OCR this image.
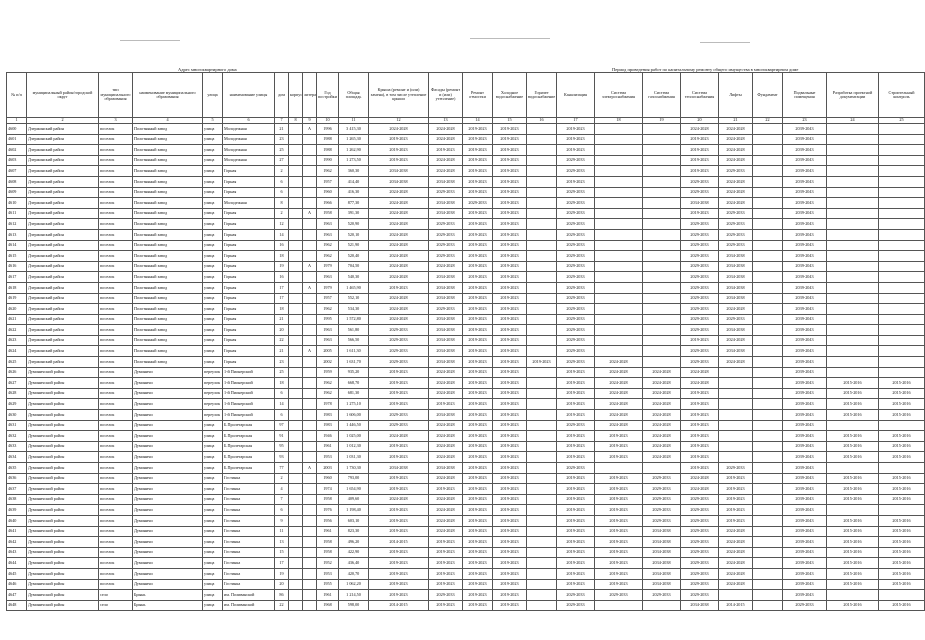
Адрес многоквартирного дома	Период проведения работ по капитальному ремонту общего имущества в многоквартирном доме
№ п/п	муниципальный район/городской округ	тип муниципального образования	наименование муниципального образования	улица	наименование улицы	дом	корпус	литера	Год постройки	Общая площадь	Крыша (ремонт и (или) замена), в том числе утепление крыши	Фасады (ремонт и (или) утепление)	Ремонт отмостки	Холодное водоснабжение	Горячее водоснабжение	Канализация	Система электроснабжения	Система газоснабжения	Система теплоснабжения	Лифты	Фундамент	Подвальные помещения	Разработка проектной документации	Строительный контроль
1	2	3	4	5	6	7	8	9	10	11	12	13	14	15	16	17	18	19	20	21	22	23	24	25
4600	Дзержинский район	поселок	Полотняный завод	улица	Молодежная	21		А	1996	3 415,30	2024-2028	2024-2028	2019-2023	2019-2023		2019-2023			2024-2028	2024-2028		2039-2043		
4601	Дзержинский район	поселок	Полотняный завод	улица	Молодежная	23			1988	1 265,30	2019-2023	2024-2028	2019-2023	2019-2023		2019-2023			2019-2023	2024-2028		2039-2043		
4602	Дзержинский район	поселок	Полотняный завод	улица	Молодежная	25			1988	1 262,90	2019-2023	2019-2023	2019-2023	2019-2023		2019-2023			2019-2023	2024-2028		2039-2043		
4603	Дзержинский район	поселок	Полотняный завод	улица	Молодежная	27			1990	1 273,50	2019-2023	2024-2028	2019-2023	2019-2023		2029-2033			2019-2023	2024-2028		2039-2043		
4607	Дзержинский район	поселок	Полотняный завод	улица	Горная	2			1962	360,30	2034-2038	2024-2028	2019-2023	2019-2023		2029-2033			2019-2023	2029-2033		2039-2043		
4608	Дзержинский район	поселок	Полотняный завод	улица	Горная	6			1957	414,40	2034-2038	2034-2038	2019-2023	2019-2023		2019-2023			2029-2033	2024-2028		2039-2043		
4609	Дзержинский район	поселок	Полотняный завод	улица	Горная	6			1960	416,30	2024-2028	2029-2033	2019-2023	2019-2023		2029-2033			2029-2033	2024-2028		2039-2043		
4610	Дзержинский район	поселок	Полотняный завод	улица	Молодежная	8			1966	877,30	2024-2028	2034-2038	2029-2033	2019-2023		2029-2033			2034-2038	2024-2028		2039-2043		
4611	Дзержинский район	поселок	Полотняный завод	улица	Горная	2		А	1958	391,30	2024-2028	2034-2038	2019-2023	2019-2023		2029-2033			2019-2023	2029-2033		2039-2043		
4612	Дзержинский район	поселок	Полотняный завод	улица	Горная	12			1963	520,90	2024-2028	2029-2033	2019-2023	2019-2023		2029-2033			2029-2033	2029-2033		2039-2043		
4613	Дзержинский район	поселок	Полотняный завод	улица	Горная	14			1963	520,10	2024-2028	2029-2033	2019-2023	2019-2023		2029-2033			2029-2033	2029-2033		2039-2043		
4614	Дзержинский район	поселок	Полотняный завод	улица	Горная	16			1962	521,90	2024-2028	2029-2033	2019-2023	2019-2023		2029-2033			2029-2033	2029-2033		2039-2043		
4615	Дзержинский район	поселок	Полотняный завод	улица	Горная	18			1962	520,40	2024-2028	2029-2033	2019-2023	2019-2023		2029-2033			2029-2033	2034-2038		2039-2043		
4616	Дзержинский район	поселок	Полотняный завод	улица	Горная	19		А	1979	704,50	2024-2028	2024-2028	2019-2023	2019-2023		2029-2033			2029-2033	2034-2038		2039-2043		
4617	Дзержинский район	поселок	Полотняный завод	улица	Горная	16			1963	540,30	2024-2028	2034-2038	2019-2023	2019-2023		2029-2033			2029-2033	2034-2038		2039-2043		
4618	Дзержинский район	поселок	Полотняный завод	улица	Горная	17		А	1979	1 465,90	2019-2023	2034-2038	2019-2023	2019-2023		2029-2033			2029-2033	2034-2038		2039-2043		
4619	Дзержинский район	поселок	Полотняный завод	улица	Горная	17			1957	552,10	2024-2028	2034-2038	2019-2023	2019-2023		2029-2033			2029-2033	2034-2038		2039-2043		
4620	Дзержинский район	поселок	Полотняный завод	улица	Горная	18			1962	534,30	2024-2028	2029-2033	2019-2023	2019-2023		2029-2033			2029-2033	2024-2028		2039-2043		
4621	Дзержинский район	поселок	Полотняный завод	улица	Горная	21			1995	1 572,80	2024-2028	2034-2038	2019-2023	2019-2023		2029-2033			2029-2033	2029-2033		2039-2043		
4622	Дзержинский район	поселок	Полотняный завод	улица	Горная	20			1963	561,80	2029-2033	2034-2038	2019-2023	2019-2023		2029-2033			2029-2033	2034-2038		2039-2043		
4623	Дзержинский район	поселок	Полотняный завод	улица	Горная	22			1963	566,50	2029-2033	2034-2038	2019-2023	2019-2023		2029-2033			2019-2023	2024-2028		2039-2043		
4624	Дзержинский район	поселок	Полотняный завод	улица	Горная	21		А	2005	1 611,30	2029-2033	2034-2038	2019-2023	2019-2023		2029-2033			2029-2033	2034-2038		2039-2043		
4625	Дзержинский район	поселок	Полотняный завод	улица	Горная	23			2002	1 631,70	2029-2033	2034-2038	2019-2023	2019-2023	2019-2023	2029-2033	2024-2028		2029-2033	2024-2028		2039-2043		
4626	Думиничский район	поселок	Думиничи	переулок	1-й Пионерский	25			1959	935,20	2019-2023	2024-2028	2019-2023	2019-2023		2019-2023	2024-2028	2024-2028	2024-2028			2039-2043		
4627	Думиничский район	поселок	Думиничи	переулок	1-й Пионерский	18			1962	668,70	2019-2023	2024-2028	2019-2023	2019-2023		2019-2023	2024-2028	2024-2028	2024-2028			2039-2043	2015-2016	2015-2016
4628	Думиничский район	поселок	Думиничи	переулок	1-й Пионерский	6			1962	681,30	2019-2023	2024-2028	2019-2023	2019-2023		2019-2023	2024-2028	2024-2028	2019-2023			2039-2043	2015-2016	2015-2016
4629	Думиничский район	поселок	Думиничи	переулок	1-й Пионерский	14			1978	1 275,10	2019-2023	2019-2023	2019-2023	2019-2023		2019-2023	2024-2028	2024-2028	2019-2023			2039-2043	2015-2016	2015-2016
4630	Думиничский район	поселок	Думиничи	переулок	1-й Пионерский	6			1983	1 606,00	2029-2033	2034-2038	2019-2023	2019-2023		2019-2023	2024-2028	2024-2028	2019-2023			2039-2043	2015-2016	2015-2016
4631	Думиничский район	поселок	Думиничи	улица	Б.Пролетарская	97			1983	1 446,50	2029-2033	2024-2028	2019-2023	2019-2023		2029-2033	2024-2028	2024-2028	2019-2023			2039-2043		
4632	Думиничский район	поселок	Думиничи	улица	Б.Пролетарская	91			1946	1 025,00	2024-2028	2024-2028	2019-2023	2019-2023		2019-2023	2019-2023	2024-2028	2019-2023			2039-2043	2015-2016	2015-2016
4633	Думиничский район	поселок	Думиничи	улица	Б.Пролетарская	95			1961	1 012,30	2019-2023	2024-2028	2019-2023	2019-2023		2019-2023	2019-2023	2024-2028	2019-2023			2039-2043	2015-2016	2015-2016
4634	Думиничский район	поселок	Думиничи	улица	Б.Пролетарская	93			1953	1 031,30	2019-2023	2024-2028	2019-2023	2019-2023		2019-2023	2019-2023	2024-2028	2019-2023			2039-2043	2015-2016	2015-2016
4635	Думиничский район	поселок	Думиничи	улица	Б.Пролетарская	77		А	2003	1 730,30	2034-2038	2034-2038	2019-2023	2019-2023		2029-2033			2019-2023	2029-2033		2039-2043		
4636	Думиничский район	поселок	Думиничи	улица	Гостинка	2			1960	793,00	2019-2023	2024-2028	2019-2023	2019-2023		2019-2023	2019-2023	2029-2033	2024-2028	2019-2023		2039-2043	2015-2016	2015-2016
4637	Думиничский район	поселок	Думиничи	улица	Гостинка	4			1974	1 654,90	2019-2023	2019-2023	2019-2023	2019-2023		2019-2023	2019-2023	2029-2033	2024-2028	2019-2023		2039-2043	2015-2016	2015-2016
4638	Думиничский район	поселок	Думиничи	улица	Гостинка	7			1958	409,60	2024-2028	2024-2028	2019-2023	2019-2023		2019-2023	2019-2023	2029-2033	2029-2033	2019-2023		2039-2043	2015-2016	2015-2016
4639	Думиничский район	поселок	Думиничи	улица	Гостинка	6			1976	1 198,40	2019-2023	2024-2028	2019-2023	2019-2023		2019-2023	2019-2023	2029-2033	2029-2033	2019-2023		2039-2043		
4640	Думиничский район	поселок	Думиничи	улица	Гостинка	9			1956	603,10	2019-2023	2024-2028	2019-2023	2019-2023		2019-2023	2019-2023	2029-2033	2029-2033	2019-2023		2039-2043	2015-2016	2015-2016
4641	Думиничский район	поселок	Думиничи	улица	Гостинка	11			1961	823,30	2019-2023	2024-2028	2019-2023	2019-2023		2019-2023	2019-2023	2034-2038	2029-2033	2024-2028		2039-2043	2015-2016	2015-2016
4642	Думиничский район	поселок	Думиничи	улица	Гостинка	13			1958	496,20	2014-2015	2019-2023	2019-2023	2019-2023		2019-2023	2019-2023	2034-2038	2029-2033	2024-2028		2039-2043	2015-2016	2015-2016
4643	Думиничский район	поселок	Думиничи	улица	Гостинка	15			1958	422,90	2019-2023	2019-2023	2019-2023	2019-2023		2019-2023	2019-2023	2034-2038	2029-2033	2024-2028		2039-2043	2015-2016	2015-2016
4644	Думиничский район	поселок	Думиничи	улица	Гостинка	17			1952	436,40	2019-2023	2019-2023	2019-2023	2019-2023		2019-2023	2019-2023	2034-2038	2029-2033	2024-2028		2039-2043	2015-2016	2015-2016
4645	Думиничский район	поселок	Думиничи	улица	Гостинка	19			1953	420,70	2019-2023	2019-2023	2019-2023	2019-2023		2019-2023	2019-2023	2034-2038	2029-2033	2024-2028		2039-2043	2015-2016	2015-2016
4646	Думиничский район	поселок	Думиничи	улица	Гостинка	20			1955	1 062,20	2019-2023	2019-2023	2019-2023	2019-2023		2019-2023	2019-2023	2034-2038	2029-2033	2024-2028		2039-2043	2015-2016	2015-2016
4647	Думиничский район	село	Брынь	улица	им. Поливанской	86			1961	1 214,50	2019-2023	2029-2033	2019-2023	2019-2023		2029-2033	2029-2033	2029-2033	2029-2033			2039-2043		
4648	Думиничский район	село	Брынь	улица	им. Поливанской	22			1968	598,00	2014-2015	2019-2023	2019-2023	2019-2023		2029-2033			2034-2038	2014-2015		2029-2033	2015-2016	2015-2016
